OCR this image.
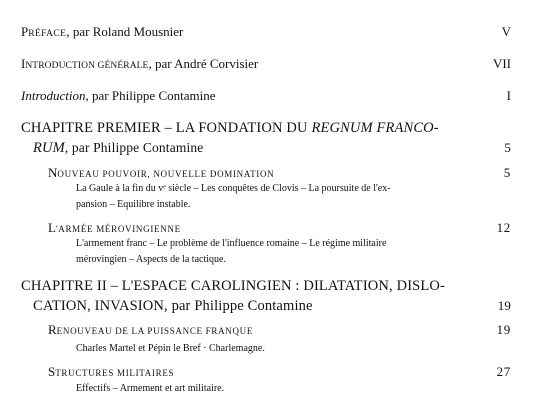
PRÉFACE, par Roland Mousnier	V
INTRODUCTION GÉNÉRALE, par André Corvisier	VII
Introduction, par Philippe Contamine	I
CHAPITRE PREMIER – LA FONDATION DU REGNUM FRANCO-
RUM, par Philippe Contamine	5
NOUVEAU POUVOIR, NOUVELLE DOMINATION	5
La Gaule à la fin du vᵉ siècle – Les conquêtes de Clovis – La poursuite de l'ex-
pansion – Equilibre instable.
L'ARMÉE MÉROVINGIENNE	12
L'armement franc – Le problème de l'influence romaine – Le régime militaire
mérovingien – Aspects de la tactique.
CHAPITRE II – L'ESPACE CAROLINGIEN : DILATATION, DISLO-
CATION, INVASION, par Philippe Contamine	19
RENOUVEAU DE LA PUISSANCE FRANQUE	19
Charles Martel et Pépin le Bref · Charlemagne.
STRUCTURES MILITAIRES	27
Effectifs – Armement et art militaire.
